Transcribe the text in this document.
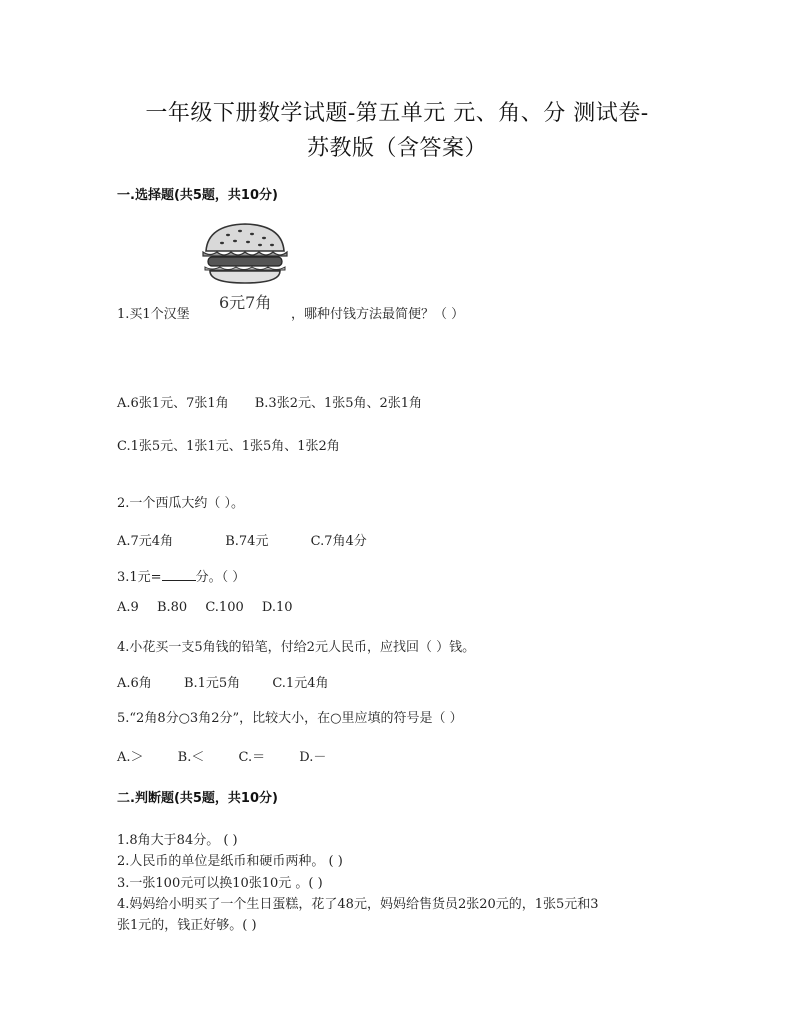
一年级下册数学试题-第五单元 元、角、分 测试卷-
苏教版（含答案）
一.选择题(共5题，共10分)
6元7角
1.买1个汉堡	，哪种付钱方法最简便？（ ）
A.6张1元、7张1角 B.3张2元、1张5角、2张1角
C.1张5元、1张1元、1张5角、1张2角
2.一个西瓜大约（ ）。
A.7元4角	B.74元	C.7角4分
3.1元=	分。（ ）
A.9 B.80 C.100 D.10
4.小花买一支5角钱的铅笔，付给2元人民币，应找回（ ）钱。
A.6角 B.1元5角 C.1元4角
5.“2角8分○3角2分”，比较大小，在○里应填的符号是（ ）
A.＞	B.＜	C.＝	D.－
二.判断题(共5题，共10分)
1.8角大于84分。 ( )
2.人民币的单位是纸币和硬币两种。 ( )
3.一张100元可以换10张10元 。( )
4.妈妈给小明买了一个生日蛋糕，花了48元，妈妈给售货员2张20元的，1张5元和3
张1元的，钱正好够。( )
